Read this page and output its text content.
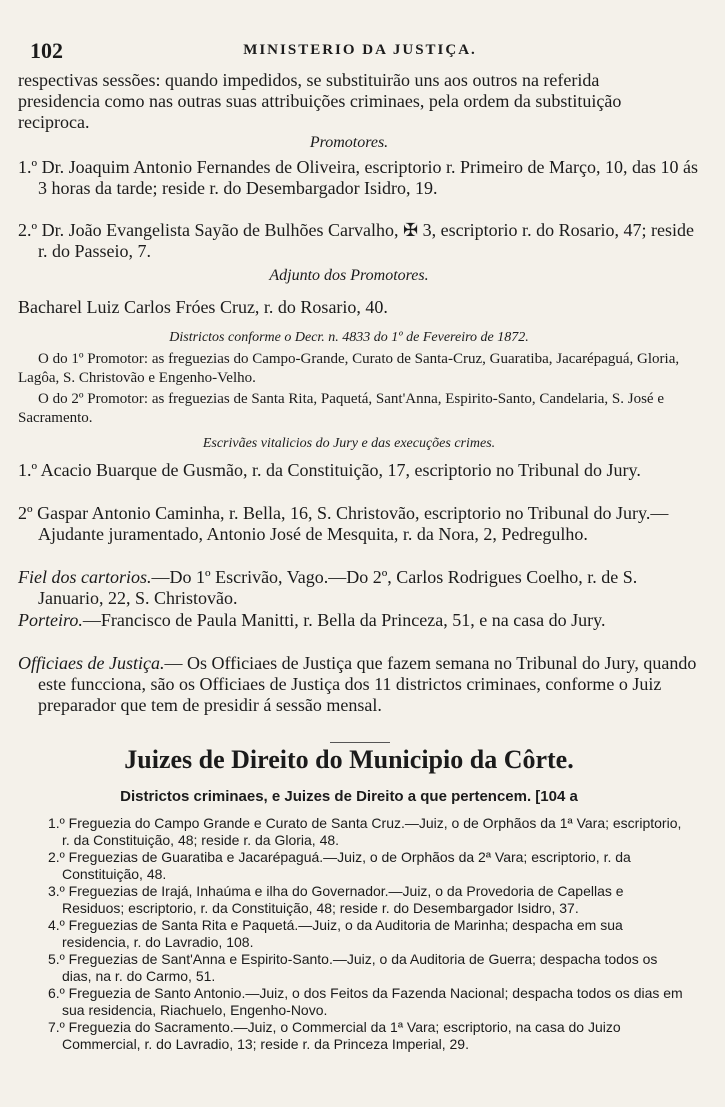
102	MINISTERIO DA JUSTIÇA.
respectivas sessões: quando impedidos, se substituirão uns aos outros na referida presidencia como nas outras suas attribuições criminaes, pela ordem da substituição reciproca.
Promotores.
1.º Dr. Joaquim Antonio Fernandes de Oliveira, escriptorio r. Primeiro de Março, 10, das 10 ás 3 horas da tarde; reside r. do Desembargador Isidro, 19.
2.º Dr. João Evangelista Sayão de Bulhões Carvalho, ✠ 3, escriptorio r. do Rosario, 47; reside r. do Passeio, 7.
Adjunto dos Promotores.
Bacharel Luiz Carlos Fróes Cruz, r. do Rosario, 40.
Districtos conforme o Decr. n. 4833 do 1º de Fevereiro de 1872.
O do 1º Promotor: as freguezias do Campo-Grande, Curato de Santa-Cruz, Guaratiba, Jacarépaguá, Gloria, Lagôa, S. Christovão e Engenho-Velho.
O do 2º Promotor: as freguezias de Santa Rita, Paquetá, Sant'Anna, Espirito-Santo, Candelaria, S. José e Sacramento.
Escrivães vitalicios do Jury e das execuções crimes.
1.º Acacio Buarque de Gusmão, r. da Constituição, 17, escriptorio no Tribunal do Jury.
2º Gaspar Antonio Caminha, r. Bella, 16, S. Christovão, escriptorio no Tribunal do Jury.—Ajudante juramentado, Antonio José de Mesquita, r. da Nora, 2, Pedregulho.
Fiel dos cartorios.—Do 1º Escrivão, Vago.—Do 2º, Carlos Rodrigues Coelho, r. de S. Januario, 22, S. Christovão.
Porteiro.—Francisco de Paula Manitti, r. Bella da Princeza, 51, e na casa do Jury.
Officiaes de Justiça.— Os Officiaes de Justiça que fazem semana no Tribunal do Jury, quando este funcciona, são os Officiaes de Justiça dos 11 districtos criminaes, conforme o Juiz preparador que tem de presidir á sessão mensal.
Juizes de Direito do Municipio da Côrte.
Districtos criminaes, e Juizes de Direito a que pertencem. [104 a
1.º Freguezia do Campo Grande e Curato de Santa Cruz.—Juiz, o de Orphãos da 1ª Vara; escriptorio, r. da Constituição, 48; reside r. da Gloria, 48.
2.º Freguezias de Guaratiba e Jacarépaguá.—Juiz, o de Orphãos da 2ª Vara; escriptorio, r. da Constituição, 48.
3.º Freguezias de Irajá, Inhaúma e ilha do Governador.—Juiz, o da Provedoria de Capellas e Residuos; escriptorio, r. da Constituição, 48; reside r. do Desembargador Isidro, 37.
4.º Freguezias de Santa Rita e Paquetá.—Juiz, o da Auditoria de Marinha; despacha em sua residencia, r. do Lavradio, 108.
5.º Freguezias de Sant'Anna e Espirito-Santo.—Juiz, o da Auditoria de Guerra; despacha todos os dias, na r. do Carmo, 51.
6.º Freguezia de Santo Antonio.—Juiz, o dos Feitos da Fazenda Nacional; despacha todos os dias em sua residencia, Riachuelo, Engenho-Novo.
7.º Freguezia do Sacramento.—Juiz, o Commercial da 1ª Vara; escriptorio, na casa do Juizo Commercial, r. do Lavradio, 13; reside r. da Princeza Imperial, 29.
